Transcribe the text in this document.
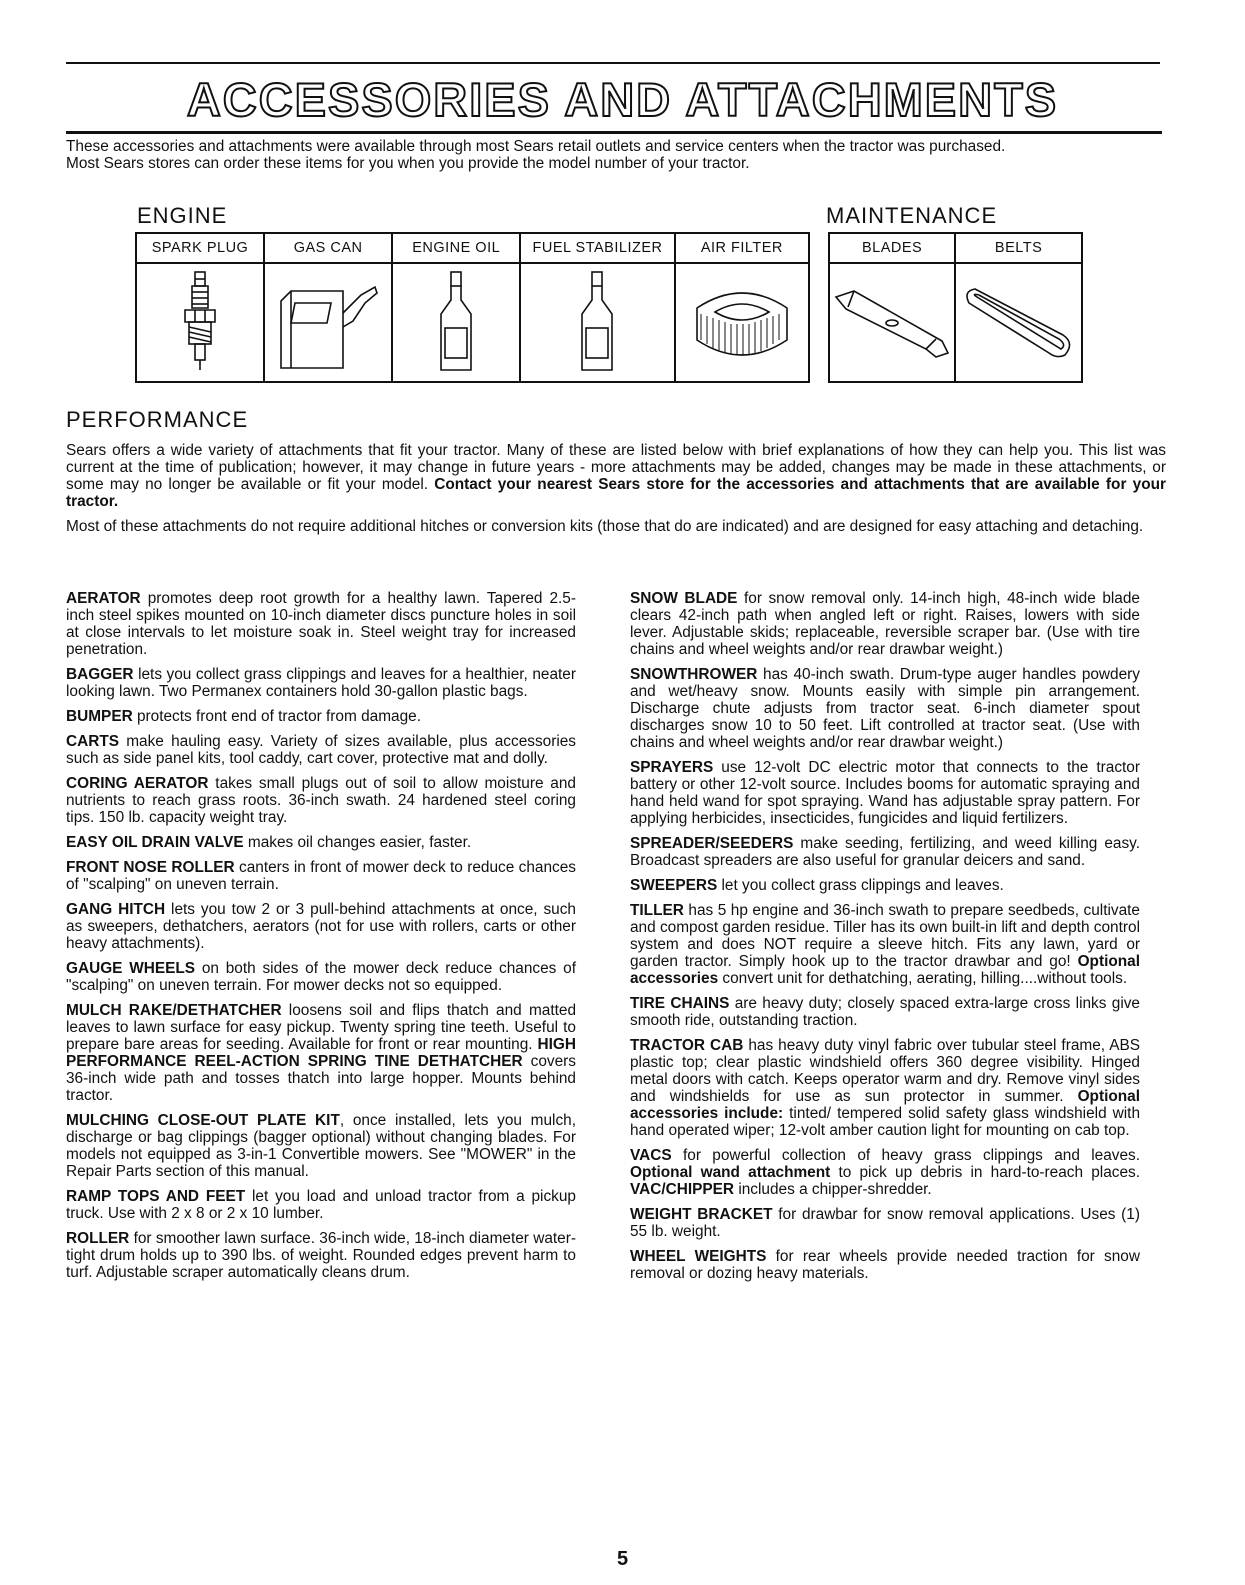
ACCESSORIES AND ATTACHMENTS
These accessories and attachments were available through most Sears retail outlets and service centers when the tractor was purchased.
Most Sears stores can order these items for you when you provide the model number of your tractor.
ENGINE	MAINTENANCE
SPARK PLUG	GAS CAN	ENGINE OIL	FUEL STABILIZER	AIR FILTER

		BLADES	BELTS

PERFORMANCE
Sears offers a wide variety of attachments that fit your tractor. Many of these are listed below with brief explanations of how they can help you. This list was current at the time of publication; however, it may change in future years - more attachments may be added, changes may be made in these attachments, or some may no longer be available or fit your model. Contact your nearest Sears store for the accessories and attachments that are available for your tractor.
Most of these attachments do not require additional hitches or conversion kits (those that do are indicated) and are designed for easy attaching and detaching.

AERATOR promotes deep root growth for a healthy lawn. Tapered 2.5-inch steel spikes mounted on 10-inch diameter discs puncture holes in soil at close intervals to let moisture soak in. Steel weight tray for increased penetration.

BAGGER lets you collect grass clippings and leaves for a healthier, neater looking lawn. Two Permanex containers hold 30-gallon plastic bags.

BUMPER protects front end of tractor from damage.

CARTS make hauling easy. Variety of sizes available, plus accessories such as side panel kits, tool caddy, cart cover, protective mat and dolly.

CORING AERATOR takes small plugs out of soil to allow moisture and nutrients to reach grass roots. 36-inch swath. 24 hardened steel coring tips. 150 lb. capacity weight tray.

EASY OIL DRAIN VALVE makes oil changes easier, faster.

FRONT NOSE ROLLER canters in front of mower deck to reduce chances of "scalping" on uneven terrain.

GANG HITCH lets you tow 2 or 3 pull-behind attachments at once, such as sweepers, dethatchers, aerators (not for use with rollers, carts or other heavy attachments).

GAUGE WHEELS on both sides of the mower deck reduce chances of "scalping" on uneven terrain. For mower decks not so equipped.

MULCH RAKE/DETHATCHER loosens soil and flips thatch and matted leaves to lawn surface for easy pickup. Twenty spring tine teeth. Useful to prepare bare areas for seeding. Available for front or rear mounting. HIGH PERFORMANCE REEL-ACTION SPRING TINE DETHATCHER covers 36-inch wide path and tosses thatch into large hopper. Mounts behind tractor.

MULCHING CLOSE-OUT PLATE KIT, once installed, lets you mulch, discharge or bag clippings (bagger optional) without changing blades. For models not equipped as 3-in-1 Convertible mowers. See "MOWER" in the Repair Parts section of this manual.

RAMP TOPS AND FEET let you load and unload tractor from a pickup truck. Use with 2 x 8 or 2 x 10 lumber.

ROLLER for smoother lawn surface. 36-inch wide, 18-inch diameter water-tight drum holds up to 390 lbs. of weight. Rounded edges prevent harm to turf. Adjustable scraper automatically cleans drum.

SNOW BLADE for snow removal only. 14-inch high, 48-inch wide blade clears 42-inch path when angled left or right. Raises, lowers with side lever. Adjustable skids; replaceable, reversible scraper bar. (Use with tire chains and wheel weights and/or rear drawbar weight.)

SNOWTHROWER has 40-inch swath. Drum-type auger handles powdery and wet/heavy snow. Mounts easily with simple pin arrangement. Discharge chute adjusts from tractor seat. 6-inch diameter spout discharges snow 10 to 50 feet. Lift controlled at tractor seat. (Use with chains and wheel weights and/or rear drawbar weight.)

SPRAYERS use 12-volt DC electric motor that connects to the tractor battery or other 12-volt source. Includes booms for automatic spraying and hand held wand for spot spraying. Wand has adjustable spray pattern. For applying herbicides, insecticides, fungicides and liquid fertilizers.

SPREADER/SEEDERS make seeding, fertilizing, and weed killing easy. Broadcast spreaders are also useful for granular deicers and sand.

SWEEPERS let you collect grass clippings and leaves.

TILLER has 5 hp engine and 36-inch swath to prepare seedbeds, cultivate and compost garden residue. Tiller has its own built-in lift and depth control system and does NOT require a sleeve hitch. Fits any lawn, yard or garden tractor. Simply hook up to the tractor drawbar and go! Optional accessories convert unit for dethatching, aerating, hilling....without tools.

TIRE CHAINS are heavy duty; closely spaced extra-large cross links give smooth ride, outstanding traction.

TRACTOR CAB has heavy duty vinyl fabric over tubular steel frame, ABS plastic top; clear plastic windshield offers 360 degree visibility. Hinged metal doors with catch. Keeps operator warm and dry. Remove vinyl sides and windshields for use as sun protector in summer. Optional accessories include: tinted/ tempered solid safety glass windshield with hand operated wiper; 12-volt amber caution light for mounting on cab top.

VACS for powerful collection of heavy grass clippings and leaves. Optional wand attachment to pick up debris in hard-to-reach places. VAC/CHIPPER includes a chipper-shredder.

WEIGHT BRACKET for drawbar for snow removal applications. Uses (1) 55 lb. weight.

WHEEL WEIGHTS for rear wheels provide needed traction for snow removal or dozing heavy materials.

5
